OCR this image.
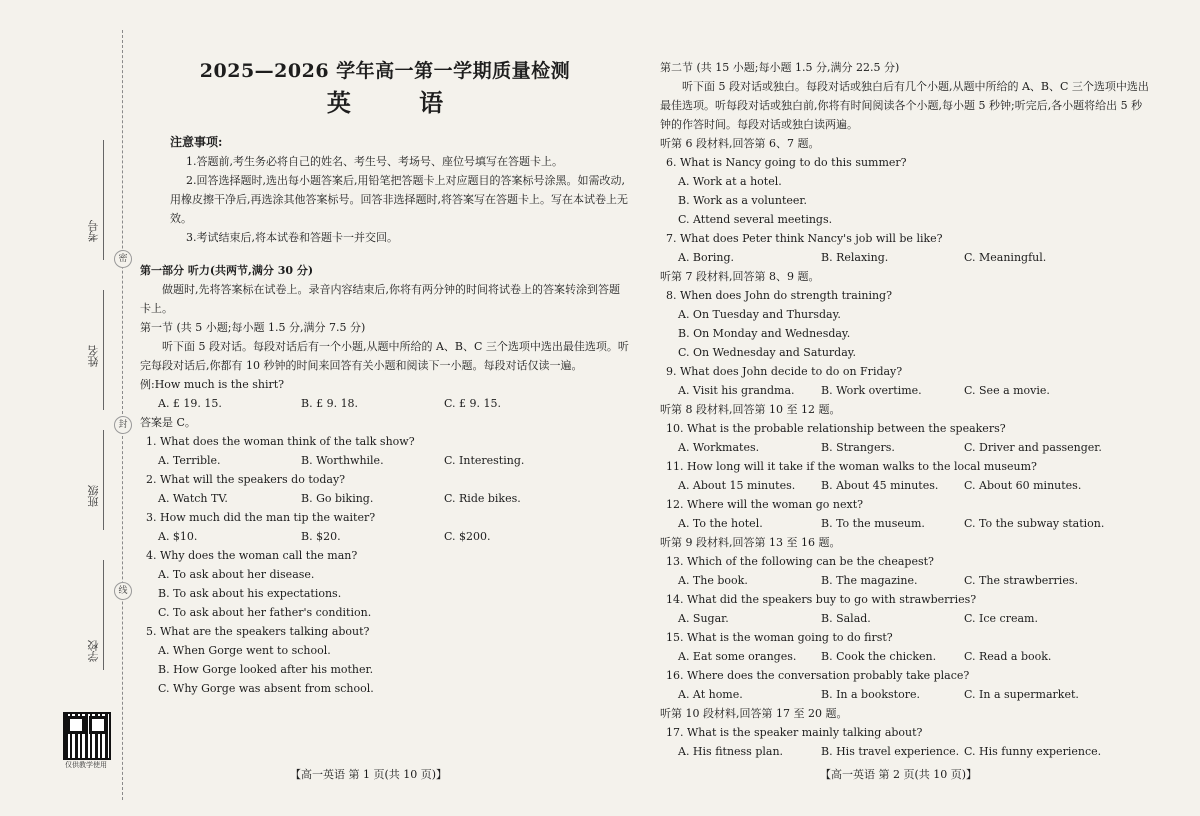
考号
姓名
班级
学校
密
封
线
仅供教学使用
2025—2026 学年高一第一学期质量检测
英 语
注意事项:

1.答题前,考生务必将自己的姓名、考生号、考场号、座位号填写在答题卡上。

2.回答选择题时,选出每小题答案后,用铅笔把答题卡上对应题目的答案标号涂黑。如需改动,用橡皮擦干净后,再选涂其他答案标号。回答非选择题时,将答案写在答题卡上。写在本试卷上无效。

3.考试结束后,将本试卷和答题卡一并交回。

第一部分 听力(共两节,满分 30 分)

做题时,先将答案标在试卷上。录音内容结束后,你将有两分钟的时间将试卷上的答案转涂到答题卡上。

第一节 (共 5 小题;每小题 1.5 分,满分 7.5 分)

听下面 5 段对话。每段对话后有一个小题,从题中所给的 A、B、C 三个选项中选出最佳选项。听完每段对话后,你都有 10 秒钟的时间来回答有关小题和阅读下一小题。每段对话仅读一遍。

例:How much is the shirt?
A. £ 19. 15.	B. £ 9. 18.	C. £ 9. 15.
答案是 C。
1. What does the woman think of the talk show?
A. Terrible.	B. Worthwhile.	C. Interesting.
2. What will the speakers do today?
A. Watch TV.	B. Go biking.	C. Ride bikes.
3. How much did the man tip the waiter?
A. $10.	B. $20.	C. $200.
4. Why does the woman call the man?
A. To ask about her disease.
B. To ask about his expectations.
C. To ask about her father's condition.
5. What are the speakers talking about?
A. When Gorge went to school.
B. How Gorge looked after his mother.
C. Why Gorge was absent from school.
第二节 (共 15 小题;每小题 1.5 分,满分 22.5 分)

听下面 5 段对话或独白。每段对话或独白后有几个小题,从题中所给的 A、B、C 三个选项中选出最佳选项。听每段对话或独白前,你将有时间阅读各个小题,每小题 5 秒钟;听完后,各小题将给出 5 秒钟的作答时间。每段对话或独白读两遍。

听第 6 段材料,回答第 6、7 题。
6. What is Nancy going to do this summer?
A. Work at a hotel.
B. Work as a volunteer.
C. Attend several meetings.
7. What does Peter think Nancy's job will be like?
A. Boring.	B. Relaxing.	C. Meaningful.
听第 7 段材料,回答第 8、9 题。
8. When does John do strength training?
A. On Tuesday and Thursday.
B. On Monday and Wednesday.
C. On Wednesday and Saturday.
9. What does John decide to do on Friday?
A. Visit his grandma.	B. Work overtime.	C. See a movie.
听第 8 段材料,回答第 10 至 12 题。
10. What is the probable relationship between the speakers?
A. Workmates.	B. Strangers.	C. Driver and passenger.
11. How long will it take if the woman walks to the local museum?
A. About 15 minutes.	B. About 45 minutes.	C. About 60 minutes.
12. Where will the woman go next?
A. To the hotel.	B. To the museum.	C. To the subway station.
听第 9 段材料,回答第 13 至 16 题。
13. Which of the following can be the cheapest?
A. The book.	B. The magazine.	C. The strawberries.
14. What did the speakers buy to go with strawberries?
A. Sugar.	B. Salad.	C. Ice cream.
15. What is the woman going to do first?
A. Eat some oranges.	B. Cook the chicken.	C. Read a book.
16. Where does the conversation probably take place?
A. At home.	B. In a bookstore.	C. In a supermarket.
听第 10 段材料,回答第 17 至 20 题。
17. What is the speaker mainly talking about?
A. His fitness plan.	B. His travel experience. C. His funny experience.
【高一英语 第 1 页(共 10 页)】	【高一英语 第 2 页(共 10 页)】
